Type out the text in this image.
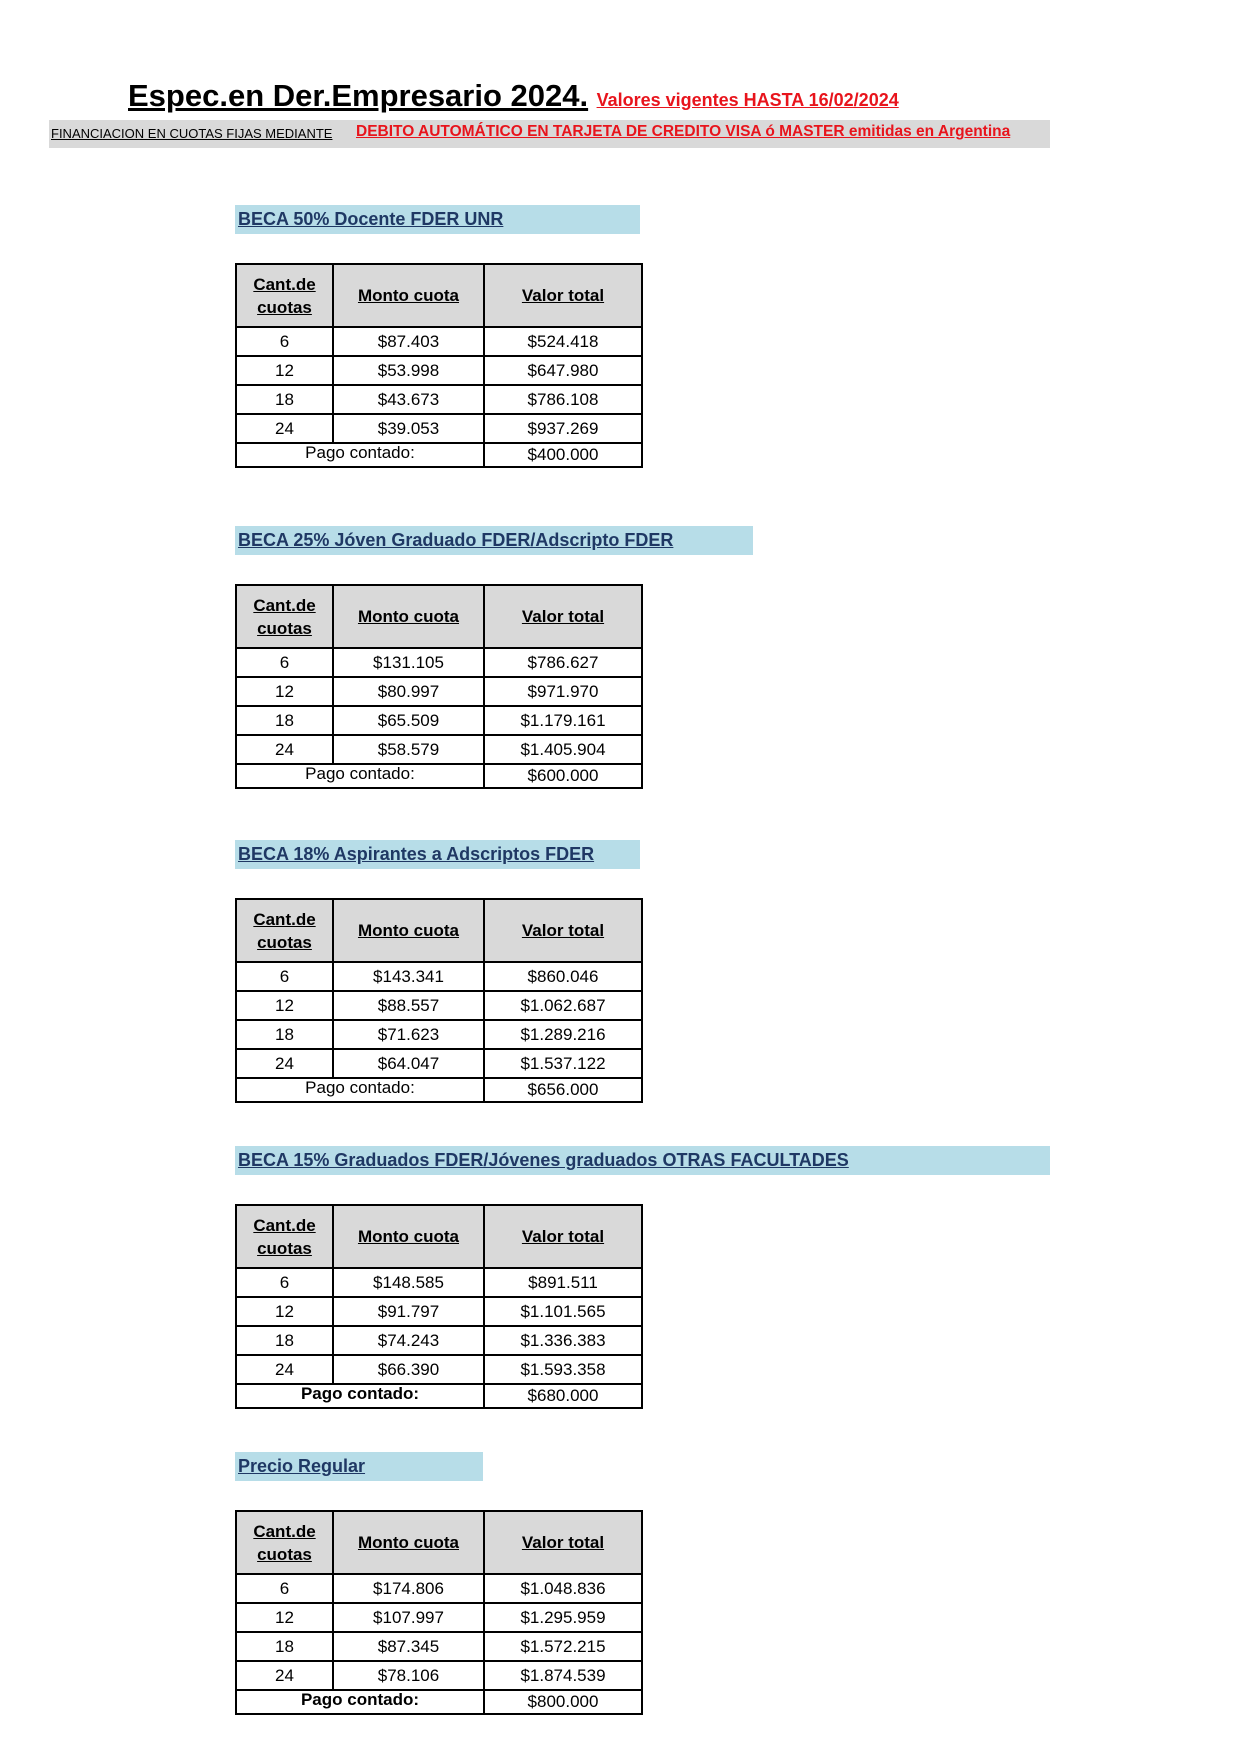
Espec.en Der.Empresario 2024. Valores vigentes HASTA 16/02/2024
FINANCIACION EN CUOTAS FIJAS MEDIANTE DEBITO AUTOMÁTICO EN TARJETA DE CREDITO VISA ó MASTER emitidas en Argentina
BECA 50% Docente FDER UNR
Cant.de
cuotas	Monto cuota	Valor total
6	$87.403	$524.418
12	$53.998	$647.980
18	$43.673	$786.108
24	$39.053	$937.269
Pago contado:		$400.000
BECA 25% Jóven Graduado FDER/Adscripto FDER
Cant.de
cuotas	Monto cuota	Valor total
6	$131.105	$786.627
12	$80.997	$971.970
18	$65.509	$1.179.161
24	$58.579	$1.405.904
Pago contado:		$600.000
BECA 18% Aspirantes a Adscriptos FDER
Cant.de
cuotas	Monto cuota	Valor total
6	$143.341	$860.046
12	$88.557	$1.062.687
18	$71.623	$1.289.216
24	$64.047	$1.537.122
Pago contado:		$656.000
BECA 15% Graduados FDER/Jóvenes graduados OTRAS FACULTADES
Cant.de
cuotas	Monto cuota	Valor total
6	$148.585	$891.511
12	$91.797	$1.101.565
18	$74.243	$1.336.383
24	$66.390	$1.593.358
Pago contado:		$680.000
Precio Regular
Cant.de
cuotas	Monto cuota	Valor total
6	$174.806	$1.048.836
12	$107.997	$1.295.959
18	$87.345	$1.572.215
24	$78.106	$1.874.539
Pago contado:		$800.000
